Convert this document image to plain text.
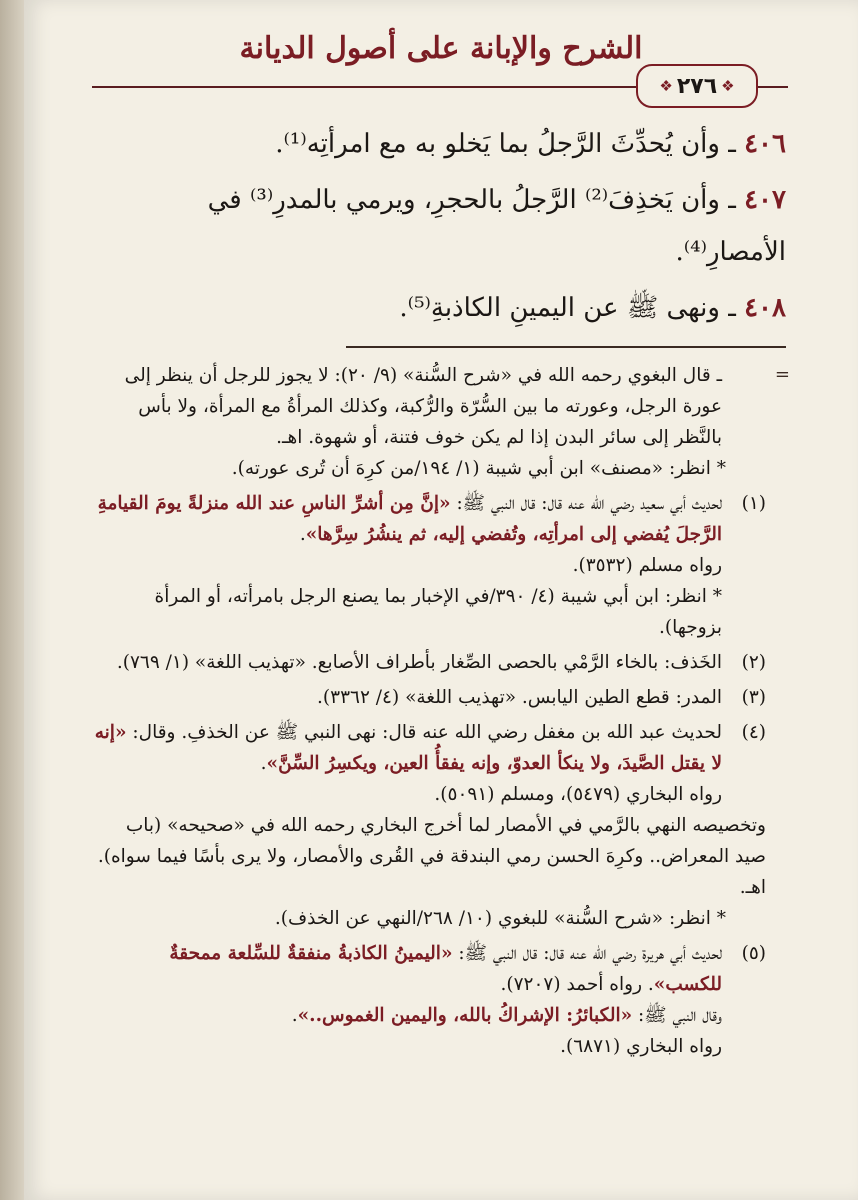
الشرح والإبانة على أصول الديانة
❖ ٢٧٦ ❖

٤٠٦ ـ وأن يُحدِّثَ الرَّجلُ بما يَخلو به مع امرأتِه⁽¹⁾.

٤٠٧ ـ وأن يَخذِفَ⁽²⁾ الرَّجلُ بالحجرِ، ويرمي بالمدرِ⁽³⁾ في الأمصارِ⁽⁴⁾.

٤٠٨ ـ ونهى ﷺ عن اليمينِ الكاذبةِ⁽⁵⁾.

=

ـ قال البغوي رحمه الله في «شرح السُّنة» (٩/ ٢٠): لا يجوز للرجل أن ينظر إلى عورة الرجل، وعورته ما بين السُّرّة والرُّكبة، وكذلك المرأةُ مع المرأة، ولا بأس بالنَّظر إلى سائر البدن إذا لم يكن خوف فتنة، أو شهوة. اهـ.

* انظر: «مصنف» ابن أبي شيبة (١/ ١٩٤/من كرِهَ أن تُرى عورته).

(١)

لحديث أبي سعيد رضي الله عنه قال: قال النبي ﷺ: «إنَّ مِن أشرِّ الناسِ عند الله منزلةً يومَ القيامةِ الرَّجلَ يُفضي إلى امرأتِه، وتُفضي إليه، ثم ينشُرُ سِرَّها».

رواه مسلم (٣٥٣٢).

* انظر: ابن أبي شيبة (٤/ ٣٩٠/في الإخبار بما يصنع الرجل بامرأته، أو المرأة بزوجها).

(٢)

الخَذف: بالخاء الرَّمْي بالحصى الصِّغار بأطراف الأصابع. «تهذيب اللغة» (١/ ٧٦٩).

(٣)

المدر: قطع الطين اليابس. «تهذيب اللغة» (٤/ ٣٣٦٢).

(٤)

لحديث عبد الله بن مغفل رضي الله عنه قال: نهى النبي ﷺ عن الخذفِ. وقال: «إنه لا يقتل الصَّيدَ، ولا ينكأ العدوّ، وإنه يفقأُ العين، ويكسِرُ السِّنَّ».

رواه البخاري (٥٤٧٩)، ومسلم (٥٠٩١).

وتخصيصه النهي بالرَّمي في الأمصار لما أخرج البخاري رحمه الله في «صحيحه» (باب صيد المعراض.. وكرِهَ الحسن رمي البندقة في القُرى والأمصار، ولا يرى بأسًا فيما سواه). اهـ.

* انظر: «شرح السُّنة» للبغوي (١٠/ ٢٦٨/النهي عن الخذف).

(٥)

لحديث أبي هريرة رضي الله عنه قال: قال النبي ﷺ: «اليمينُ الكاذبةُ منفقةٌ للسِّلعة ممحقةٌ للكسب». رواه أحمد (٧٢٠٧).

وقال النبي ﷺ: «الكبائرُ: الإشراكُ بالله، واليمين الغموس..».

رواه البخاري (٦٨٧١).
